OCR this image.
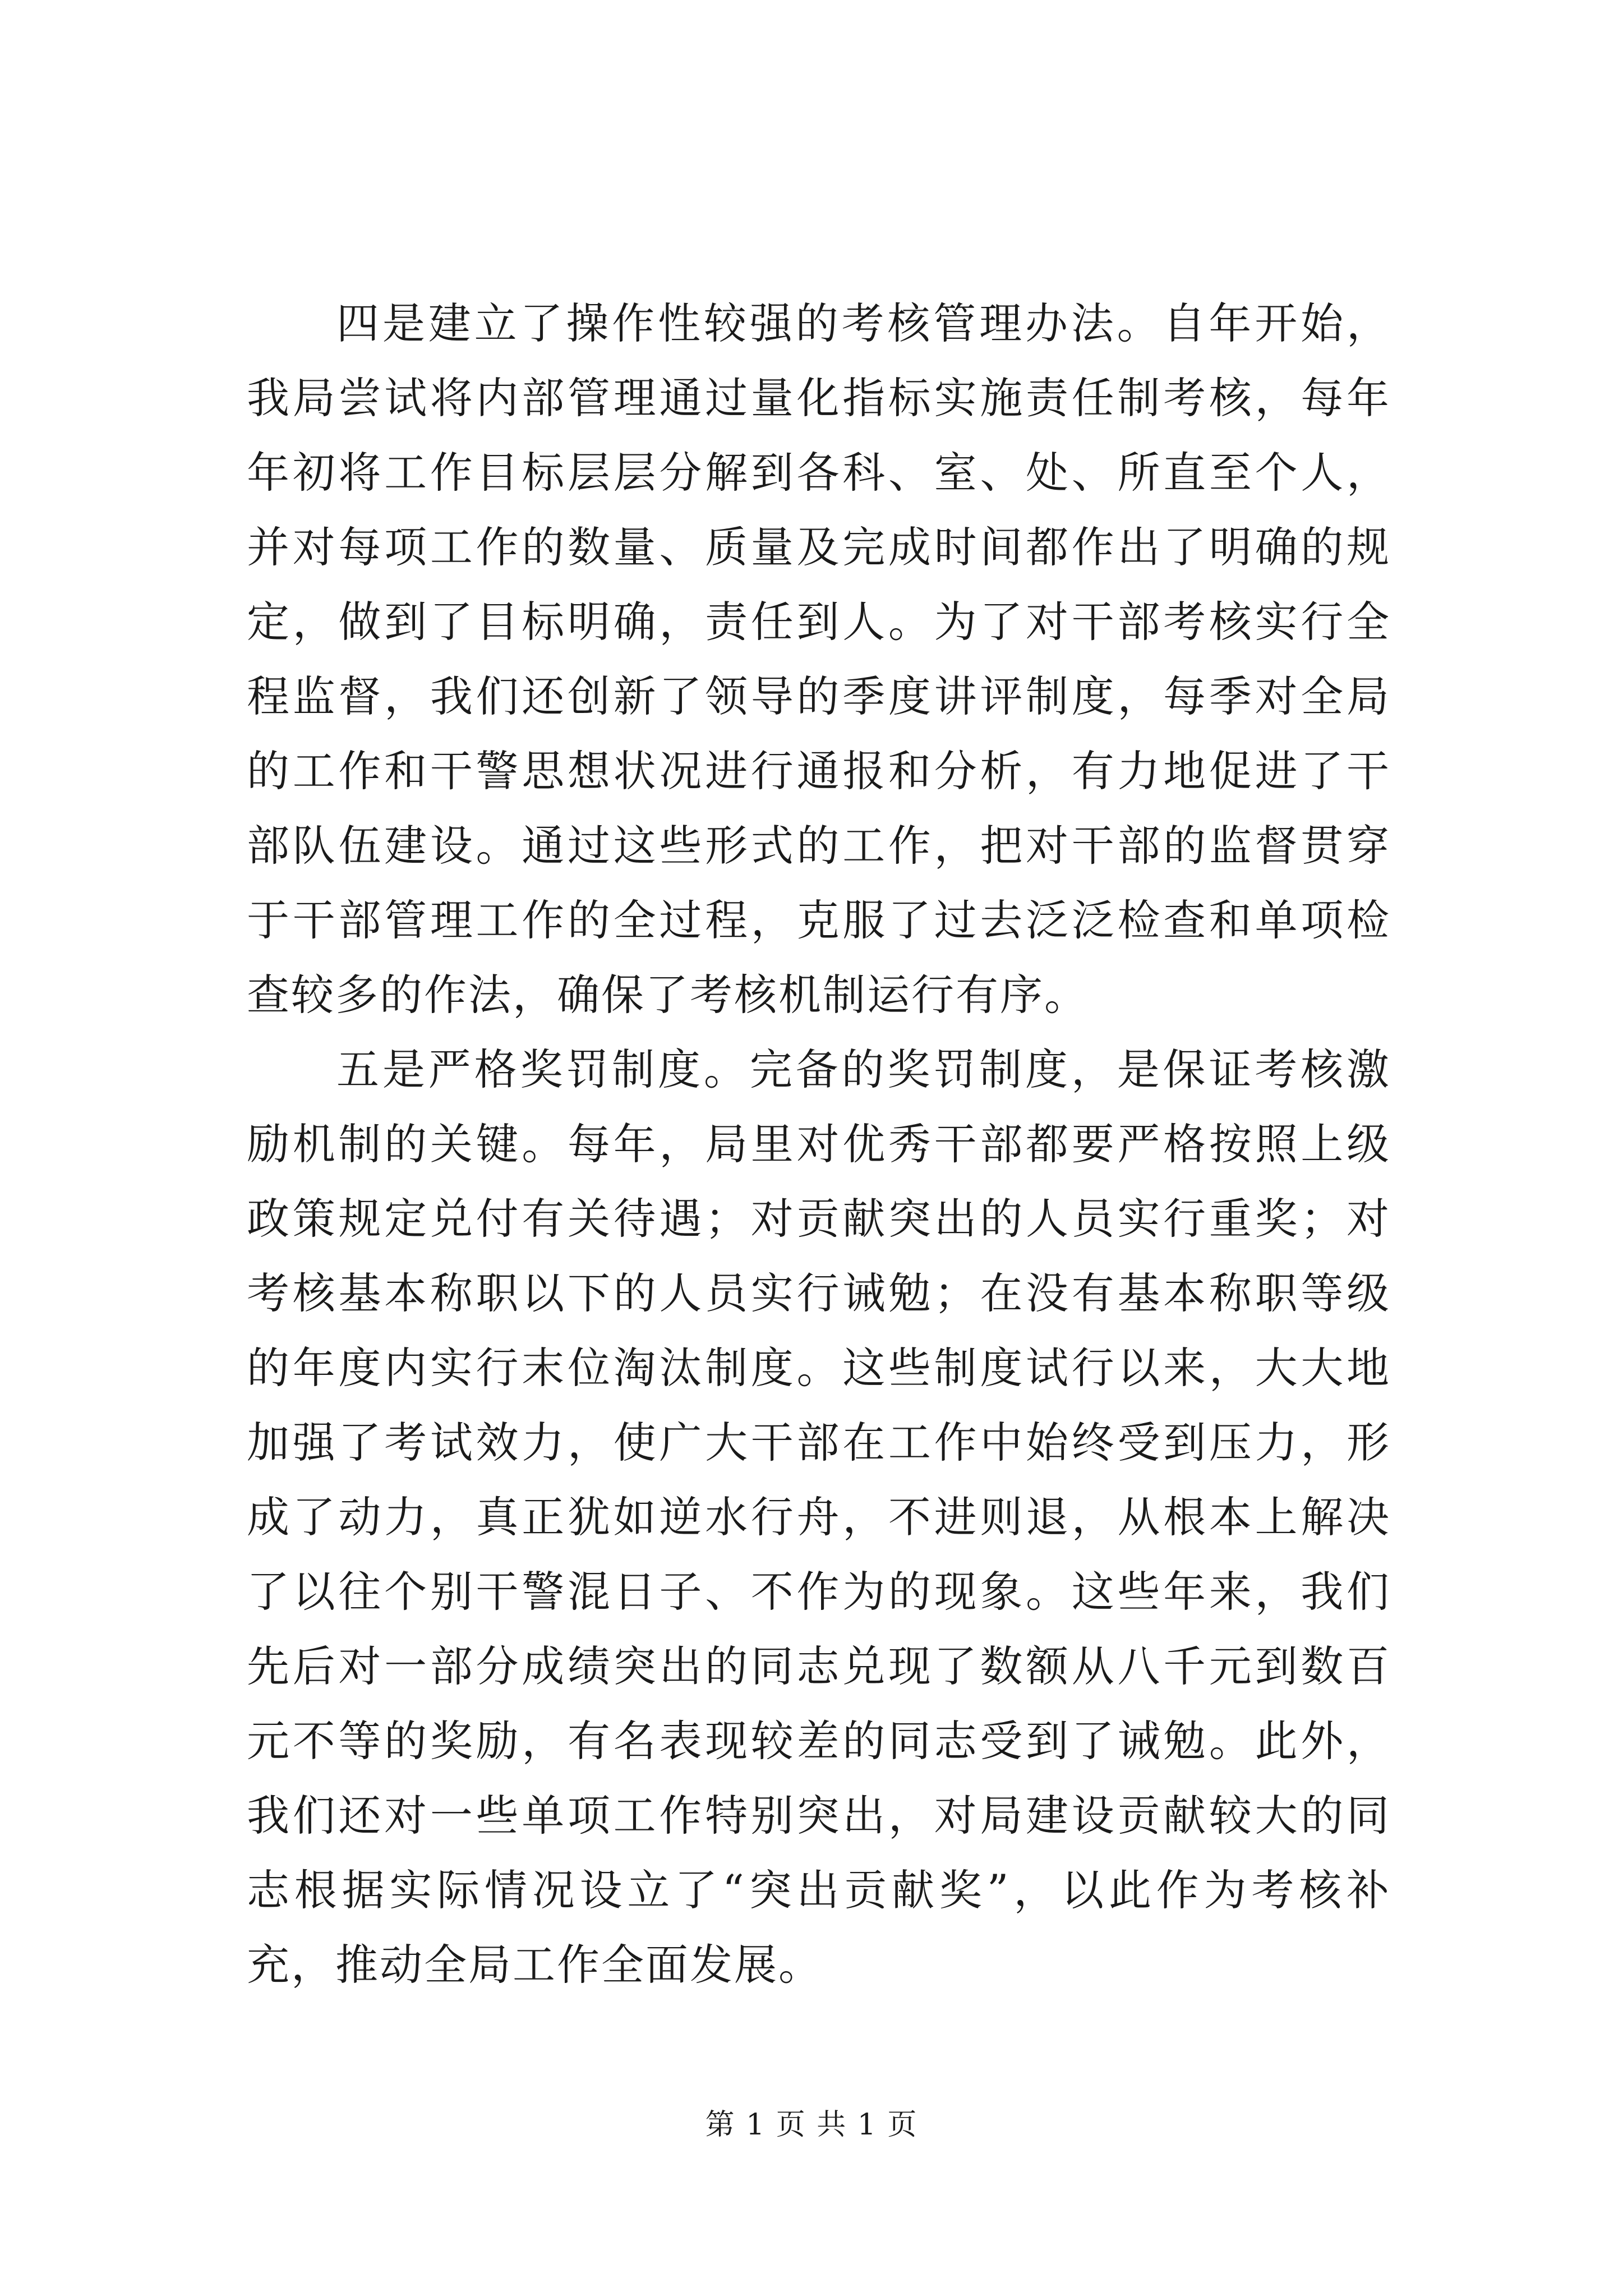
四是建立了操作性较强的考核管理办法。自年开始，我局尝试将内部管理通过量化指标实施责任制考核，每年年初将工作目标层层分解到各科、室、处、所直至个人，并对每项工作的数量、质量及完成时间都作出了明确的规定，做到了目标明确，责任到人。为了对干部考核实行全程监督，我们还创新了领导的季度讲评制度，每季对全局的工作和干警思想状况进行通报和分析，有力地促进了干部队伍建设。通过这些形式的工作，把对干部的监督贯穿于干部管理工作的全过程，克服了过去泛泛检查和单项检查较多的作法，确保了考核机制运行有序。

五是严格奖罚制度。完备的奖罚制度，是保证考核激励机制的关键。每年，局里对优秀干部都要严格按照上级政策规定兑付有关待遇；对贡献突出的人员实行重奖；对考核基本称职以下的人员实行诫勉；在没有基本称职等级的年度内实行末位淘汰制度。这些制度试行以来，大大地加强了考试效力，使广大干部在工作中始终受到压力，形成了动力，真正犹如逆水行舟，不进则退，从根本上解决了以往个别干警混日子、不作为的现象。这些年来，我们先后对一部分成绩突出的同志兑现了数额从八千元到数百元不等的奖励，有名表现较差的同志受到了诫勉。此外，我们还对一些单项工作特别突出，对局建设贡献较大的同志根据实际情况设立了“突出贡献奖”，以此作为考核补充，推动全局工作全面发展。

第 1 页 共 1 页
